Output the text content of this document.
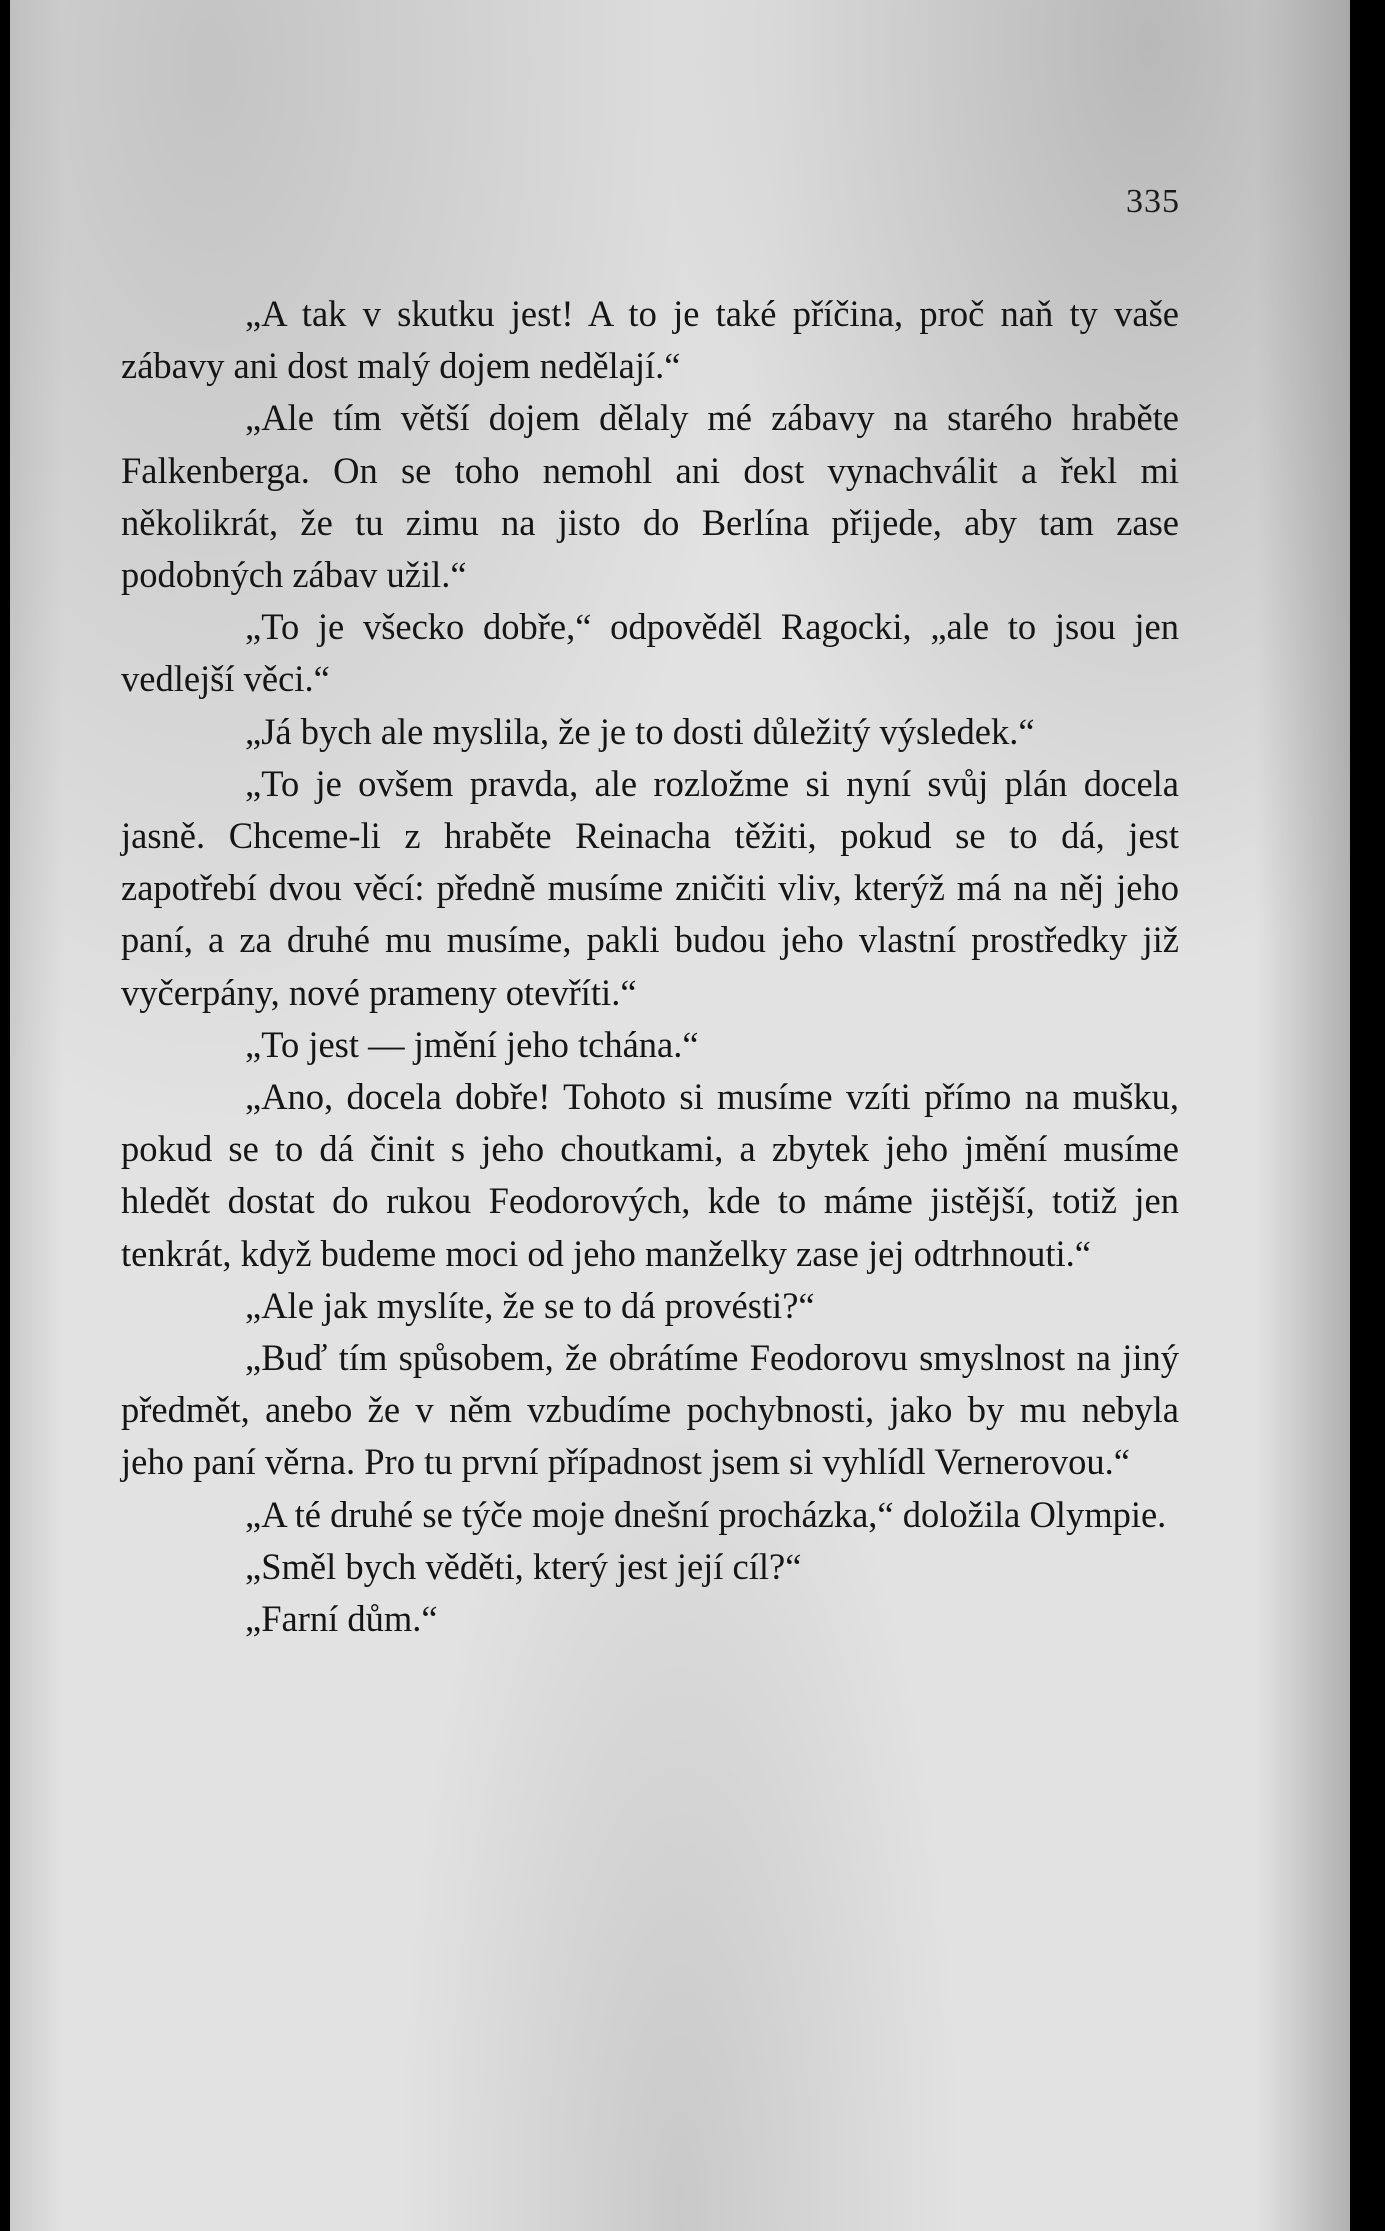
335

„A tak v skutku jest! A to je také příčina, proč naň ty vaše zábavy ani dost malý dojem nedělají.“

„Ale tím větší dojem dělaly mé zábavy na starého hraběte Falkenberga. On se toho nemohl ani dost vynachválit a řekl mi několikrát, že tu zimu na jisto do Berlína přijede, aby tam zase podobných zábav užil.“

„To je všecko dobře,“ odpověděl Ragocki, „ale to jsou jen vedlejší věci.“

„Já bych ale myslila, že je to dosti důležitý výsledek.“

„To je ovšem pravda, ale rozložme si nyní svůj plán docela jasně. Chceme-li z hraběte Reinacha těžiti, pokud se to dá, jest zapotřebí dvou věcí: předně musíme zničiti vliv, kterýž má na něj jeho paní, a za druhé mu musíme, pakli budou jeho vlastní prostředky již vyčerpány, nové prameny otevříti.“

„To jest — jmění jeho tchána.“

„Ano, docela dobře! Tohoto si musíme vzíti přímo na mušku, pokud se to dá činit s jeho choutkami, a zbytek jeho jmění musíme hledět dostat do rukou Feodorových, kde to máme jistější, totiž jen tenkrát, když budeme moci od jeho manželky zase jej odtrhnouti.“

„Ale jak myslíte, že se to dá provésti?“

„Buď tím spůsobem, že obrátíme Feodorovu smyslnost na jiný předmět, anebo že v něm vzbudíme pochybnosti, jako by mu nebyla jeho paní věrna. Pro tu první případnost jsem si vyhlídl Vernerovou.“

„A té druhé se týče moje dnešní procházka,“ doložila Olympie.

„Směl bych věděti, který jest její cíl?“

„Farní dům.“
